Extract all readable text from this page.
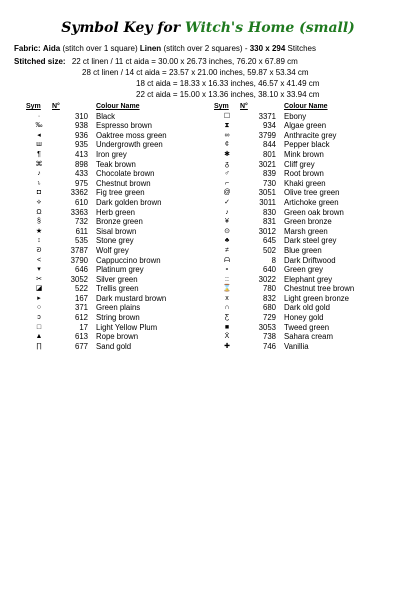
Symbol Key for Witch's Home (small)
Fabric: Aida (stitch over 1 square) Linen (stitch over 2 squares) - 330 x 294 Stitches
Stitched size: 22 ct linen / 11 ct aida = 30.00 x 26.73 inches, 76.20 x 67.89 cm
28 ct linen / 14 ct aida = 23.57 x 21.00 inches, 59.87 x 53.34 cm
18 ct aida = 18.33 x 16.33 inches, 46.57 x 41.49 cm
22 ct aida = 15.00 x 13.36 inches, 38.10 x 33.94 cm
Sym	N°	Colour Name
·	310	Black
‰	938	Espresso brown
◂	936	Oaktree moss green
ш	935	Undergrowth green
¶	413	Iron grey
⌘	898	Teak brown
♪	433	Chocolate brown
♄	975	Chestnut brown
◘	3362	Fig tree green
⟡	610	Dark golden brown
Ω	3363	Herb green
§	732	Bronze green
★	611	Sisal brown
↕	535	Stone grey
ᘑ	3787	Wolf grey
<	3790	Cappuccino brown
▾	646	Platinum grey
✂	3052	Silver green
◪	522	Trellis green
▸	167	Dark mustard brown
○	371	Green plains
ɔ	612	String brown
□	17	Light Yellow Plum
▲	613	Rope brown
∏	677	Sand gold
Sym	N°	Colour Name
☐	3371	Ebony
⧗	934	Algae green
∞	3799	Anthracite grey
¢	844	Pepper black
✱	801	Mink brown
ᵹ	3021	Cliff grey
♂	839	Root brown
⌐	730	Khaki green
@	3051	Olive tree green
✓	3011	Artichoke green
♪	830	Green oak brown
¥	831	Green bronze
⊙	3012	Marsh green
♣	645	Dark steel grey
≠	502	Blue green
ᗩ	8	Dark Driftwood
∘	640	Green grey
::	3022	Elephant grey
⌛	780	Chestnut tree brown
x	832	Light green bronze
∩	680	Dark old gold
Ƹ	729	Honey gold
■	3053	Tweed green
Ẍ	738	Sahara cream
✚	746	Vanillia
